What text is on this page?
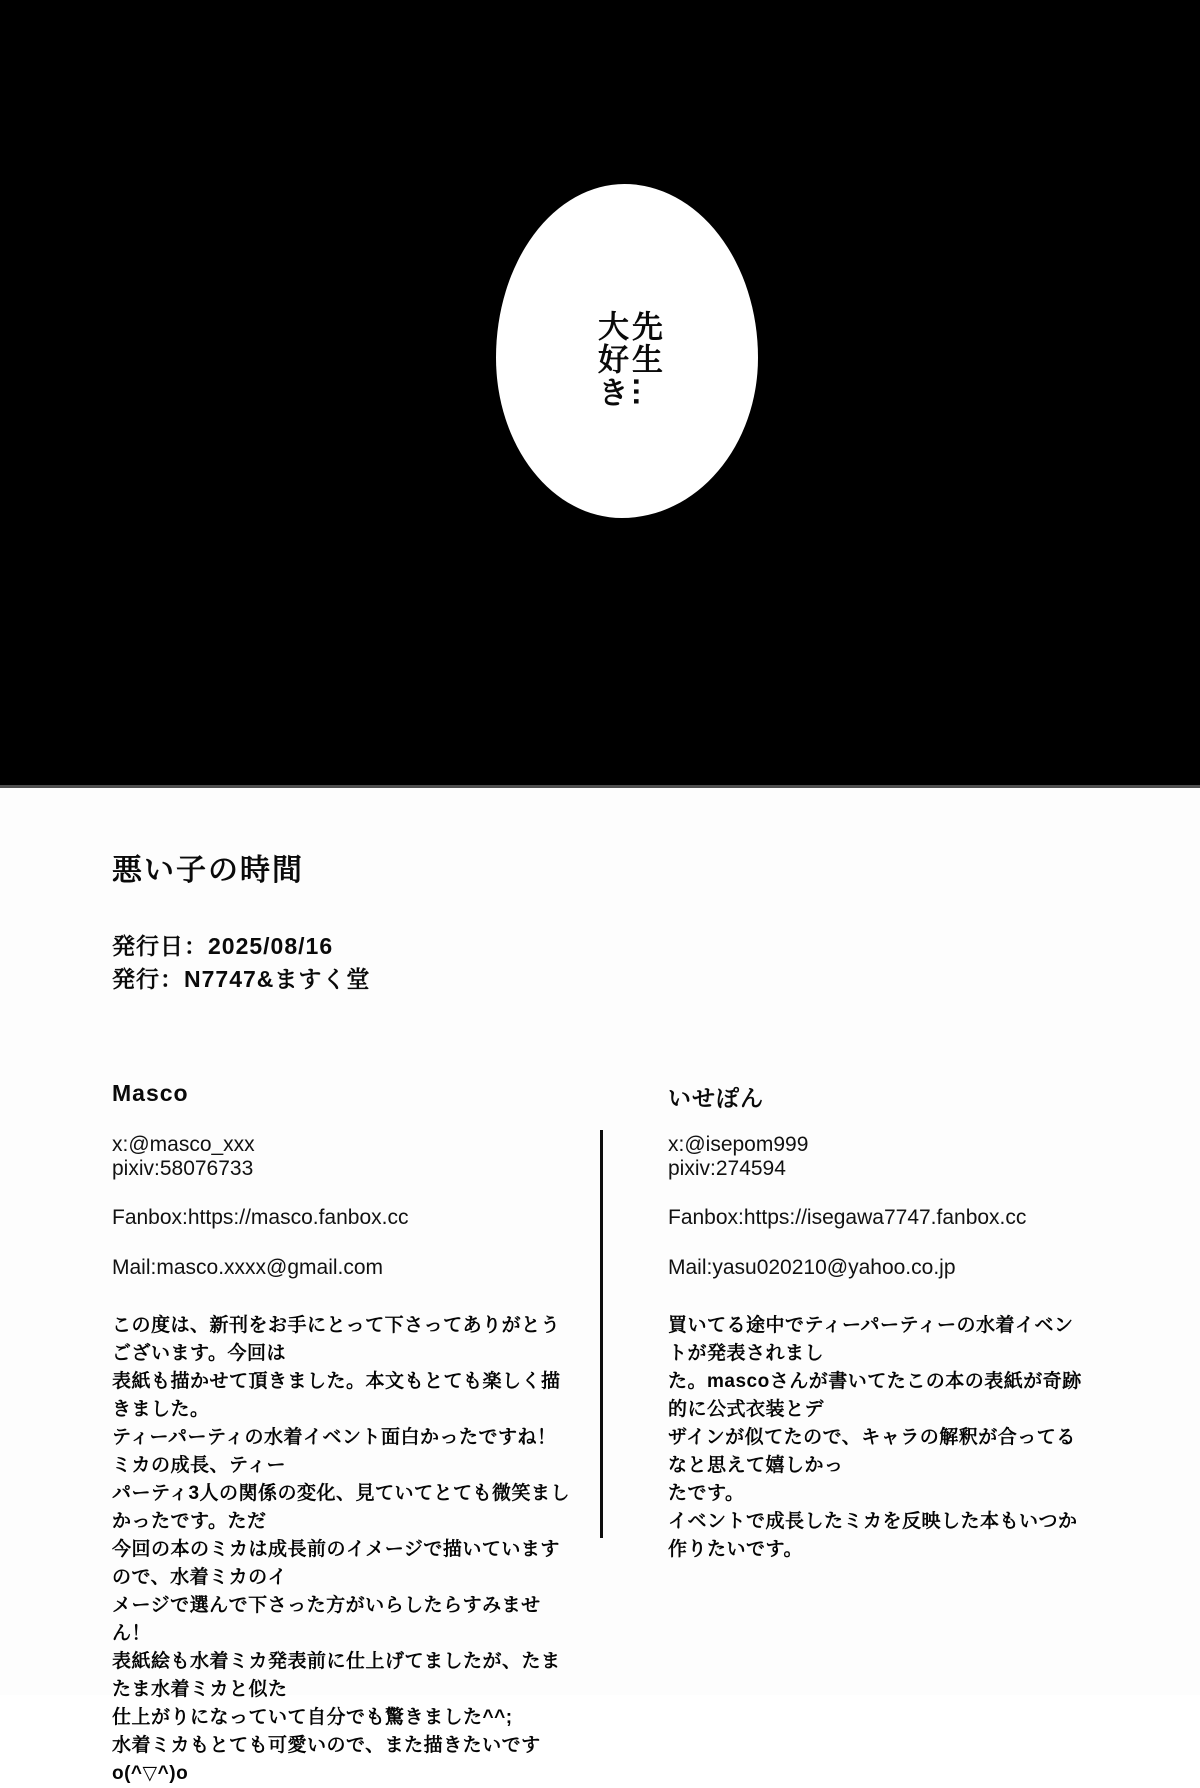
先生…
大好き
悪い子の時間
発行日：2025/08/16
発行：N7747&ますく堂
Masco
x:@masco_xxx
pixiv:58076733
Fanbox:https://masco.fanbox.cc
Mail:masco.xxxx@gmail.com
この度は、新刊をお手にとって下さってありがとうございます。今回は
表紙も描かせて頂きました。本文もとても楽しく描きました。
ティーパーティの水着イベント面白かったですね！ミカの成長、ティー
パーティ3人の関係の変化、見ていてとても微笑ましかったです。ただ
今回の本のミカは成長前のイメージで描いていますので、水着ミカのイ
メージで選んで下さった方がいらしたらすみません！
表紙絵も水着ミカ発表前に仕上げてましたが、たまたま水着ミカと似た
仕上がりになっていて自分でも驚きました^^;
水着ミカもとても可愛いので、また描きたいですo(^▽^)o
いせぽん
x:@isepom999
pixiv:274594
Fanbox:https://isegawa7747.fanbox.cc
Mail:yasu020210@yahoo.co.jp
買いてる途中でティーパーティーの水着イベントが発表されまし
た。mascoさんが書いてたこの本の表紙が奇跡的に公式衣装とデ
ザインが似てたので、キャラの解釈が合ってるなと思えて嬉しかっ
たです。
イベントで成長したミカを反映した本もいつか作りたいです。
